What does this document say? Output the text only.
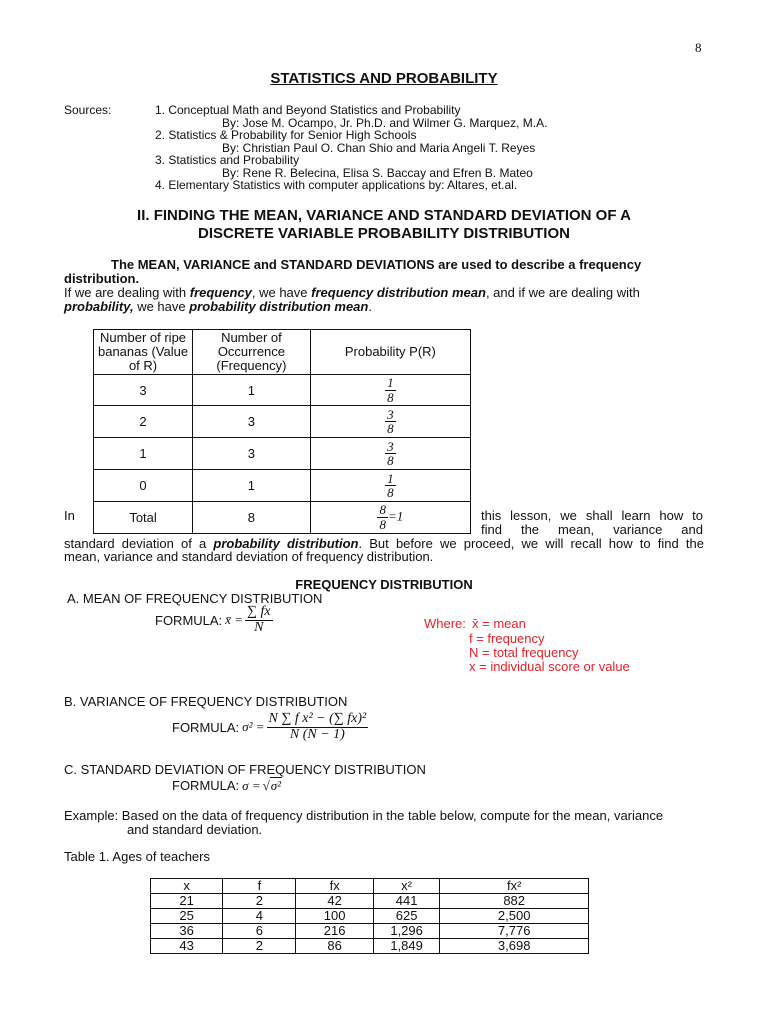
8
STATISTICS AND PROBABILITY
Sources:	1. Conceptual Math and Beyond Statistics and Probability
By: Jose M. Ocampo, Jr. Ph.D. and Wilmer G. Marquez, M.A.
2. Statistics & Probability for Senior High Schools
By: Christian Paul O. Chan Shio and Maria Angeli T. Reyes
3. Statistics and Probability
By: Rene R. Belecina, Elisa S. Baccay and Efren B. Mateo
4. Elementary Statistics with computer applications by: Altares, et.al.
II. FINDING THE MEAN, VARIANCE AND STANDARD DEVIATION OF A
DISCRETE VARIABLE PROBABILITY DISTRIBUTION
The MEAN, VARIANCE and STANDARD DEVIATIONS are used to describe a frequency
distribution.
If we are dealing with frequency, we have frequency distribution mean, and if we are dealing with
probability, we have probability distribution mean.
Number of ripe bananas (Value of R)	Number of Occurrence (Frequency)	Probability P(R)
3	1	$\frac{1}{8}$

2	3	$\frac{3}{8}$

1	3	$\frac{3}{8}$

0	1	$\frac{1}{8}$

Total	8	$\frac{8}{8} =1$
In	this lesson, we shall learn how to
find the mean, variance and
standard deviation of a probability distribution. But before we proceed, we will recall how to find the
mean, variance and standard deviation of frequency distribution.
FREQUENCY DISTRIBUTION
A. MEAN OF FREQUENCY DISTRIBUTION
FORMULA: x̄ = $\frac{\sum fx}{N}$	Where: x̄ = mean
f = frequency
N = total frequency
x = individual score or value
B. VARIANCE OF FREQUENCY DISTRIBUTION
FORMULA: $\sigma^2 = \frac{\text{N ∑ f x² − (∑ fx)²}}{N (N - 1)}$
C. STANDARD DEVIATION OF FREQUENCY DISTRIBUTION
FORMULA: σ = √ σ²
Example: Based on the data of frequency distribution in the table below, compute for the mean, variance
and standard deviation.
Table 1. Ages of teachers
x	f	fx	x²	fx²
21	2	42	441	882
25	4	100	625	2,500
36	6	216	1,296	7,776
43	2	86	1,849	3,698
